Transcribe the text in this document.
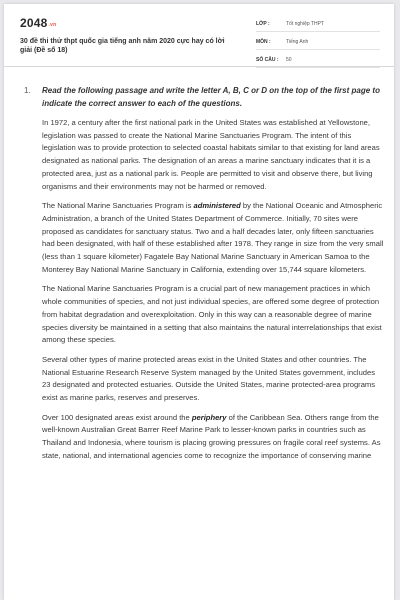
2048.vn
30 đề thi thử thpt quốc gia tiếng anh năm 2020 cực hay có lời giải (Đề số 18)
LỚP :	Tốt nghiệp THPT
MÔN :	Tiếng Anh
SỐ CÂU :	50
1. Read the following passage and write the letter A, B, C or D on the top of the first page to indicate the correct answer to each of the questions.

In 1972, a century after the first national park in the United States was established at Yellowstone, legislation was passed to create the National Marine Sanctuaries Program. The intent of this legislation was to provide protection to selected coastal habitats similar to that existing for land areas designated as national parks. The designation of an areas a marine sanctuary indicates that it is a protected area, just as a national park is. People are permitted to visit and observe there, but living organisms and their environments may not be harmed or removed.

The National Marine Sanctuaries Program is administered by the National Oceanic and Atmospheric Administration, a branch of the United States Department of Commerce. Initially, 70 sites were proposed as candidates for sanctuary status. Two and a half decades later, only fifteen sanctuaries had been designated, with half of these established after 1978. They range in size from the very small (less than 1 square kilometer) Fagatele Bay National Marine Sanctuary in American Samoa to the Monterey Bay National Marine Sanctuary in California, extending over 15,744 square kilometers.

The National Marine Sanctuaries Program is a crucial part of new management practices in which whole communities of species, and not just individual species, are offered some degree of protection from habitat degradation and overexploitation. Only in this way can a reasonable degree of marine species diversity be maintained in a setting that also maintains the natural interrelationships that exist among these species.

Several other types of marine protected areas exist in the United States and other countries. The National Estuarine Research Reserve System managed by the United States government, includes 23 designated and protected estuaries. Outside the United States, marine protected-area programs exist as marine parks, reserves and preserves.

Over 100 designated areas exist around the periphery of the Caribbean Sea. Others range from the well-known Australian Great Barrer Reef Marine Park to lesser-known parks in countries such as Thailand and Indonesia, where tourism is placing growing pressures on fragile coral reef systems. As state, national, and international agencies come to recognize the importance of conserving marine
